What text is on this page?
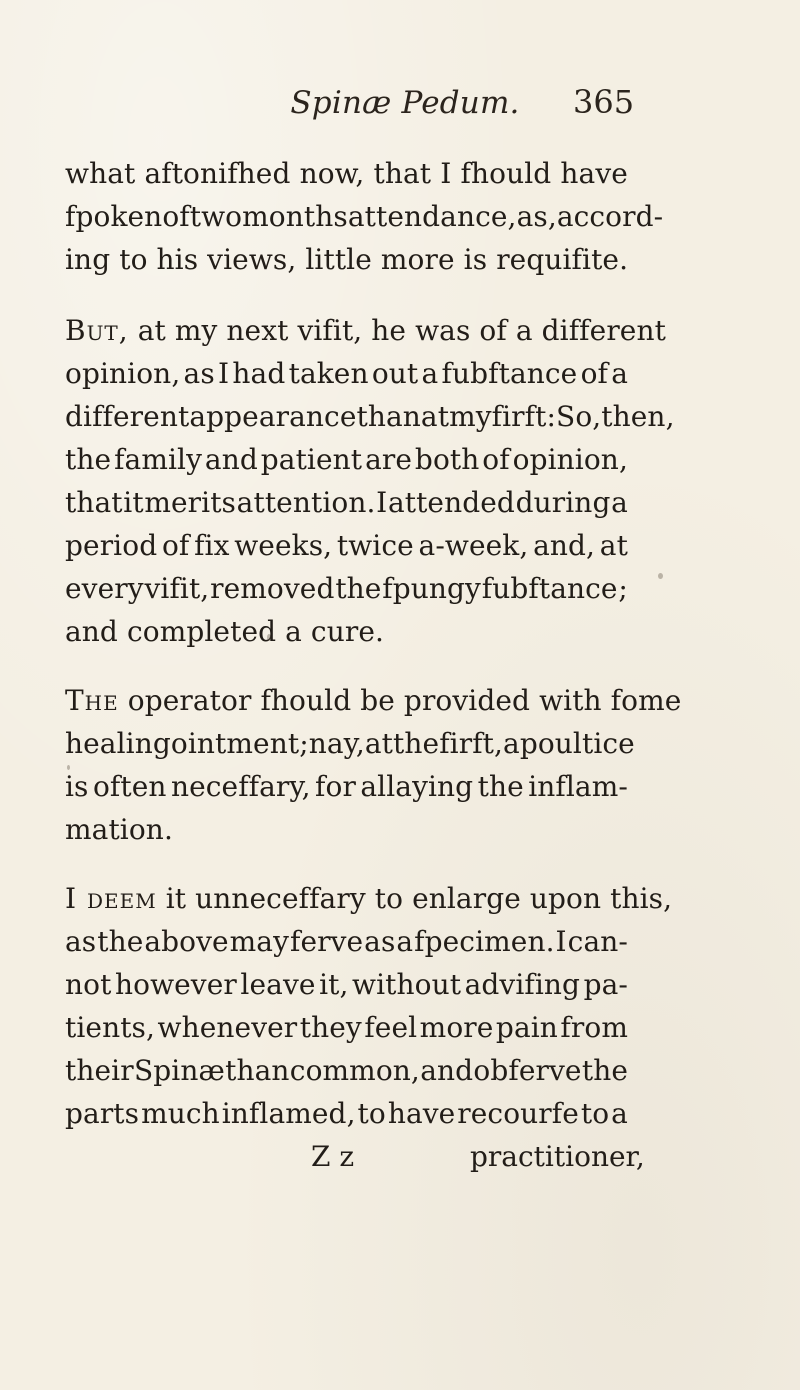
Spinæ Pedum.	365
what aftonifhed now, that I fhould have
fpoken of two months attendance, as, accord-
ing to his views, little more is requifite.
But, at my next vifit, he was of a different
opinion, as I had taken out a fubftance of a
different appearance than at my firft : So, then,
the family and patient are both of opinion,
that it merits attention. I attended during a
period of fix weeks, twice a-week, and, at
every vifit, removed the fpungy fubftance ;
and completed a cure.
The operator fhould be provided with fome
healing ointment ; nay, at the firft, a poultice
is often neceffary, for allaying the inflam-
mation.
I deem it unneceffary to enlarge upon this,
as the above may ferve as a fpecimen. I can-
not however leave it, without advifing pa-
tients, whenever they feel more pain from
their Spinæ than common, and obferve the
parts much inflamed, to have recourfe to a
Z z	practitioner,
